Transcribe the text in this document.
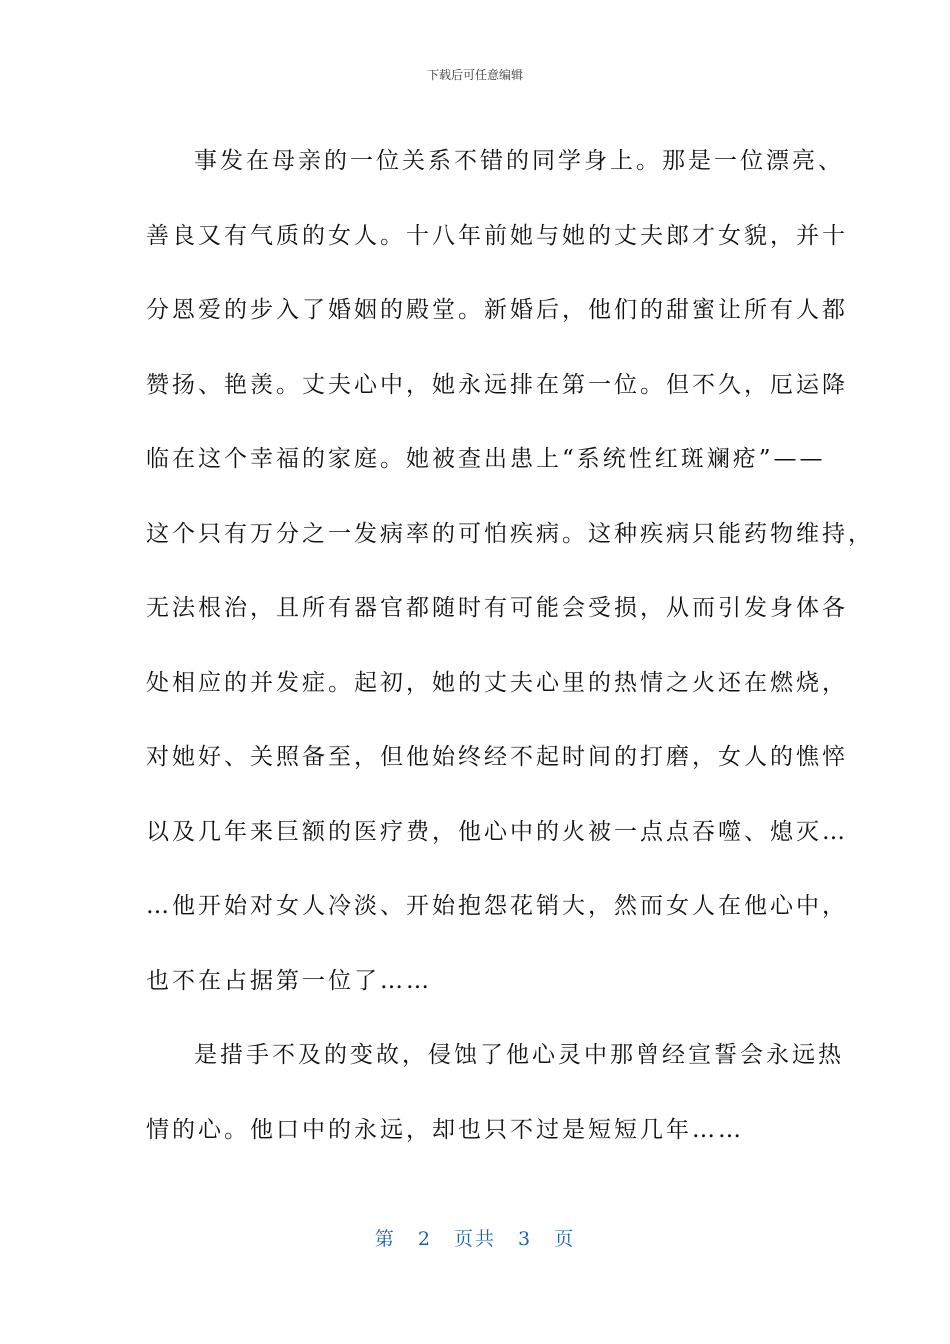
下载后可任意编辑
事发在母亲的一位关系不错的同学身上。那是一位漂亮、
善良又有气质的女人。十八年前她与她的丈夫郎才女貌，并十
分恩爱的步入了婚姻的殿堂。新婚后，他们的甜蜜让所有人都
赞扬、艳羡。丈夫心中，她永远排在第一位。但不久，厄运降
临在这个幸福的家庭。她被查出患上“系统性红斑斓疮”——
这个只有万分之一发病率的可怕疾病。这种疾病只能药物维持，
无法根治，且所有器官都随时有可能会受损，从而引发身体各
处相应的并发症。起初，她的丈夫心里的热情之火还在燃烧，
对她好、关照备至，但他始终经不起时间的打磨，女人的憔悴
以及几年来巨额的医疗费，他心中的火被一点点吞噬、熄灭…
…他开始对女人冷淡、开始抱怨花销大，然而女人在他心中，
也不在占据第一位了……
是措手不及的变故，侵蚀了他心灵中那曾经宣誓会永远热
情的心。他口中的永远，却也只不过是短短几年……
第 2 页共 3 页
